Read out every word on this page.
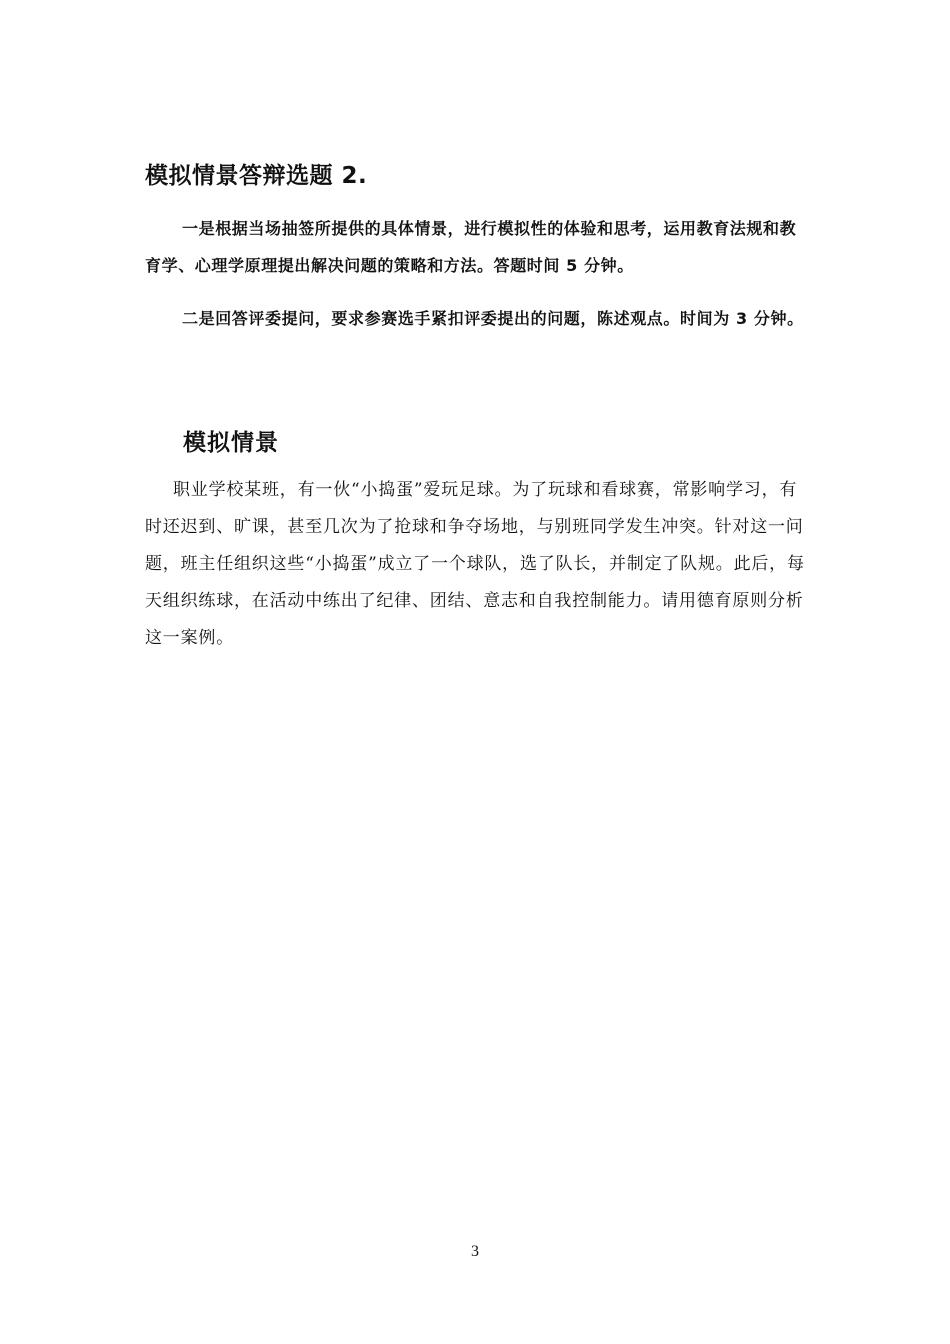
模拟情景答辩选题 2.

一是根据当场抽签所提供的具体情景，进行模拟性的体验和思考，运用教育法规和教育学、心理学原理提出解决问题的策略和方法。答题时间 5 分钟。

二是回答评委提问，要求参赛选手紧扣评委提出的问题，陈述观点。时间为 3 分钟。

模拟情景

职业学校某班，有一伙“小捣蛋”爱玩足球。为了玩球和看球赛，常影响学习，有时还迟到、旷课，甚至几次为了抢球和争夺场地，与别班同学发生冲突。针对这一问题，班主任组织这些“小捣蛋”成立了一个球队，选了队长，并制定了队规。此后，每天组织练球，在活动中练出了纪律、团结、意志和自我控制能力。请用德育原则分析这一案例。

3
